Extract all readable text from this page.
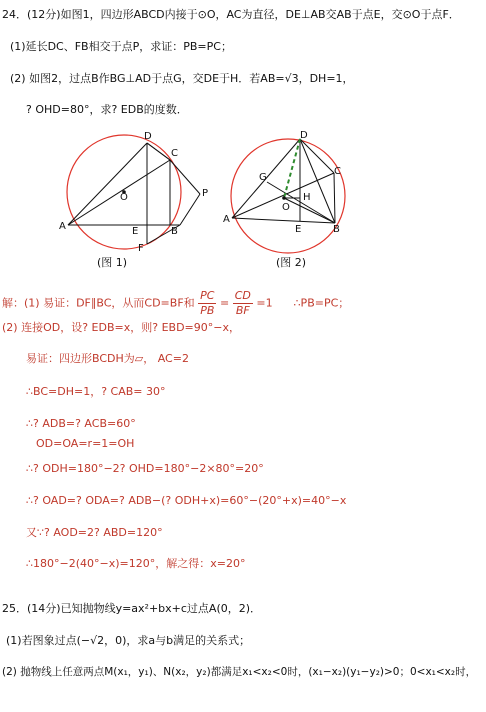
24．(12分)如图1，四边形ABCD内接于⊙O，AC为直径，DE⊥AB交AB于点E，交⊙O于点F．
(1)延长DC、FB相交于点P，求证：PB=PC；
(2) 如图2，过点B作BG⊥AD于点G，交DE于H．若AB=√3，DH=1，
? OHD=80°，求? EDB的度数．
D
C
O	P
A	E	B
F
(图 1)
D
G
C
O
H
A
E	B
(图 2)
解：(1) 易证：DF∥BC，从而CD=BF和 $\frac{PC}{PB} = \frac{CD}{BF} =1$ ∴PB=PC；
(2) 连接OD，设? EDB=x，则? EBD=90°−x，
易证：四边形BCDH为▱， AC=2
∴BC=DH=1，? CAB= 30°
∴? ADB=? ACB=60°
OD=OA=r=1=OH
∴? ODH=180°−2? OHD=180°−2×80°=20°
∴? OAD=? ODA=? ADB−(? ODH+x)=60°−(20°+x)=40°−x
又∵? AOD=2? ABD=120°
∴180°−2(40°−x)=120°，解之得：x=20°
25．(14分)已知抛物线y=ax²+bx+c过点A(0，2)．
(1)若图象过点(−√2，0)，求a与b满足的关系式；
(2) 抛物线上任意两点M(x₁，y₁)、N(x₂，y₂)都满足x₁<x₂<0时，(x₁−x₂)(y₁−y₂)>0；0<x₁<x₂时，
